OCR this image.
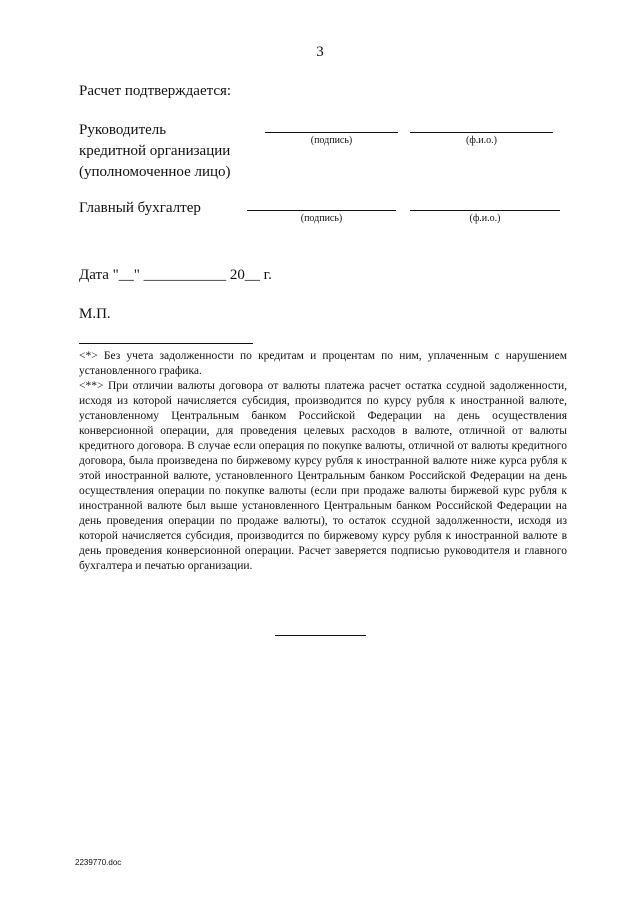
3
Расчет подтверждается:
Руководитель
кредитной организации
(уполномоченное лицо)
(подпись)	(ф.и.о.)
Главный бухгалтер
(подпись)	(ф.и.о.)
Дата "__" ___________ 20__ г.
М.П.
<*> Без учета задолженности по кредитам и процентам по ним, уплаченным с нарушением установленного графика.
<**> При отличии валюты договора от валюты платежа расчет остатка ссудной задолженности, исходя из которой начисляется субсидия, производится по курсу рубля к иностранной валюте, установленному Центральным банком Российской Федерации на день осуществления конверсионной операции, для проведения целевых расходов в валюте, отличной от валюты кредитного договора. В случае если операция по покупке валюты, отличной от валюты кредитного договора, была произведена по биржевому курсу рубля к иностранной валюте ниже курса рубля к этой иностранной валюте, установленного Центральным банком Российской Федерации на день осуществления операции по покупке валюты (если при продаже валюты биржевой курс рубля к иностранной валюте был выше установленного Центральным банком Российской Федерации на день проведения операции по продаже валюты), то остаток ссудной задолженности, исходя из которой начисляется субсидия, производится по биржевому курсу рубля к иностранной валюте в день проведения конверсионной операции. Расчет заверяется подписью руководителя и главного бухгалтера и печатью организации.
2239770.doc
